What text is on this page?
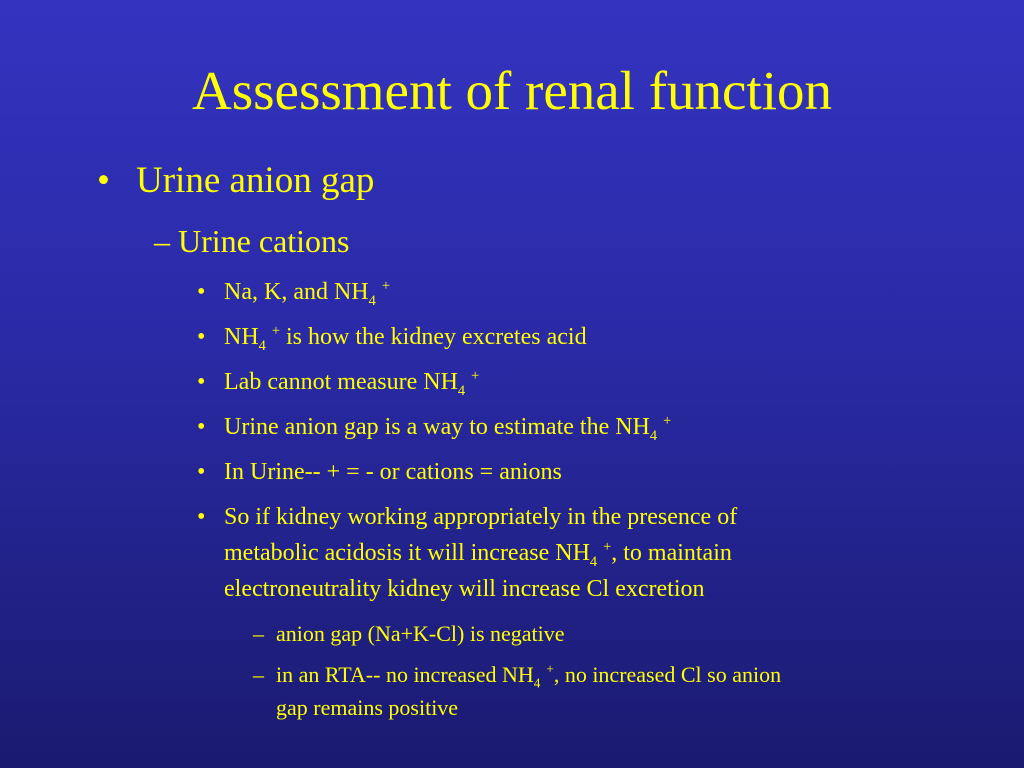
Assessment of renal function
• Urine anion gap
– Urine cations
• Na, K, and $NH_4^+$
• $NH_4^+$ is how the kidney excretes acid
• Lab cannot measure $NH_4^+$
• Urine anion gap is a way to estimate the $NH_4^+$
• In Urine-- + = - or cations = anions
• So if kidney working appropriately in the presence of
metabolic acidosis it will increase $NH_4^+$, to maintain
electroneutrality kidney will increase Cl excretion
– anion gap (Na+K-Cl) is negative
– in an RTA-- no increased $NH_4^+$, no increased Cl so anion
gap remains positive
